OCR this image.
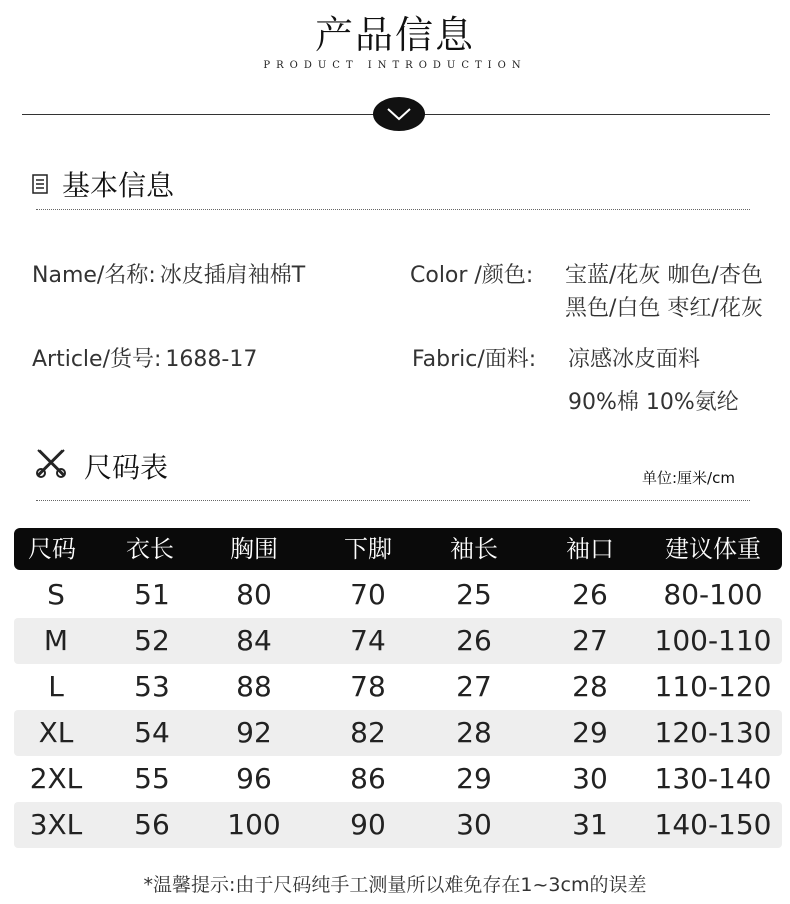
产品信息
PRODUCT INTRODUCTION
基本信息
Name/名称: 冰皮插肩袖棉T	Color /颜色: 宝蓝/花灰 咖色/杏色
黑色/白色 枣红/花灰
Article/货号: 1688-17	Fabric/面料: 凉感冰皮面料
90%棉 10%氨纶
尺码表	单位:厘米/cm
尺码	衣长	胸围	下脚	袖长	袖口	建议体重
S	51	80	70	25	26	80-100
M	52	84	74	26	27	100-110
L	53	88	78	27	28	110-120
XL	54	92	82	28	29	120-130
2XL	55	96	86	29	30	130-140
3XL	56	100	90	30	31	140-150
*温馨提示:由于尺码纯手工测量所以难免存在1~3cm的误差
